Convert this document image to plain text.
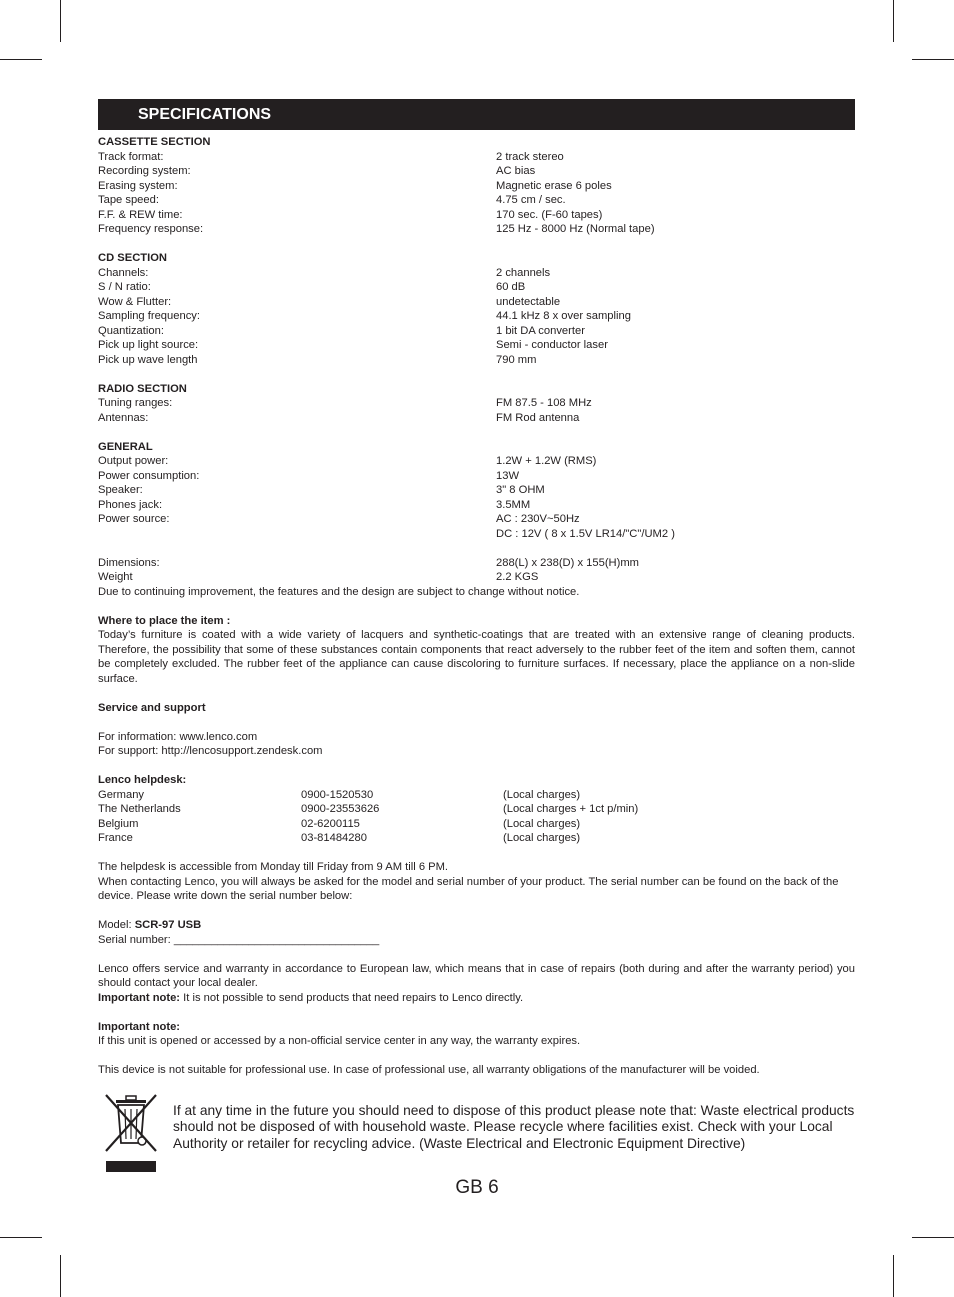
SPECIFICATIONS
CASSETTE SECTION
Track format:	2 track stereo
Recording system:	AC bias
Erasing system:	Magnetic erase 6 poles
Tape speed:	4.75 cm / sec.
F.F. & REW time:	170 sec. (F-60 tapes)
Frequency response:	125 Hz - 8000 Hz (Normal tape)
CD SECTION
Channels:	2 channels
S / N ratio:	60 dB
Wow & Flutter:	undetectable
Sampling frequency:	44.1 kHz 8 x over sampling
Quantization:	1 bit DA converter
Pick up light source:	Semi - conductor laser
Pick up wave length	790 mm
RADIO SECTION
Tuning ranges:	FM 87.5 - 108 MHz
Antennas:	FM Rod antenna
GENERAL
Output power:	1.2W + 1.2W (RMS)
Power consumption:	13W
Speaker:	3" 8 OHM
Phones jack:	3.5MM
Power source:	AC : 230V~50Hz
DC : 12V ( 8 x 1.5V LR14/"C"/UM2 )
Dimensions:	288(L) x 238(D) x 155(H)mm
Weight	2.2 KGS
Due to continuing improvement, the features and the design are subject to change without notice.
Where to place the item :
Today’s furniture is coated with a wide variety of lacquers and synthetic-coatings that are treated with an extensive range of cleaning products. Therefore, the possibility that some of these substances contain components that react adversely to the rubber feet of the item and soften them, cannot be completely excluded. The rubber feet of the appliance can cause discoloring to furniture surfaces. If necessary, place the appliance on a non-slide surface.
Service and support
For information: www.lenco.com
For support: http://lencosupport.zendesk.com
Lenco helpdesk:
Germany	0900-1520530	(Local charges)
The Netherlands	0900-23553626	(Local charges + 1ct p/min)
Belgium	02-6200115	(Local charges)
France	03-81484280	(Local charges)
The helpdesk is accessible from Monday till Friday from 9 AM till 6 PM.
When contacting Lenco, you will always be asked for the model and serial number of your product. The serial number can be found on the back of the device. Please write down the serial number below:
Model: SCR-97 USB
Serial number: _________________________________
Lenco offers service and warranty in accordance to European law, which means that in case of repairs (both during and after the warranty period) you should contact your local dealer.
Important note: It is not possible to send products that need repairs to Lenco directly.
Important note:
If this unit is opened or accessed by a non-official service center in any way, the warranty expires.
This device is not suitable for professional use. In case of professional use, all warranty obligations of the manufacturer will be voided.
If at any time in the future you should need to dispose of this product please note that: Waste electrical products should not be disposed of with household waste. Please recycle where facilities exist. Check with your Local Authority or retailer for recycling advice. (Waste Electrical and Electronic Equipment Directive)
GB 6
